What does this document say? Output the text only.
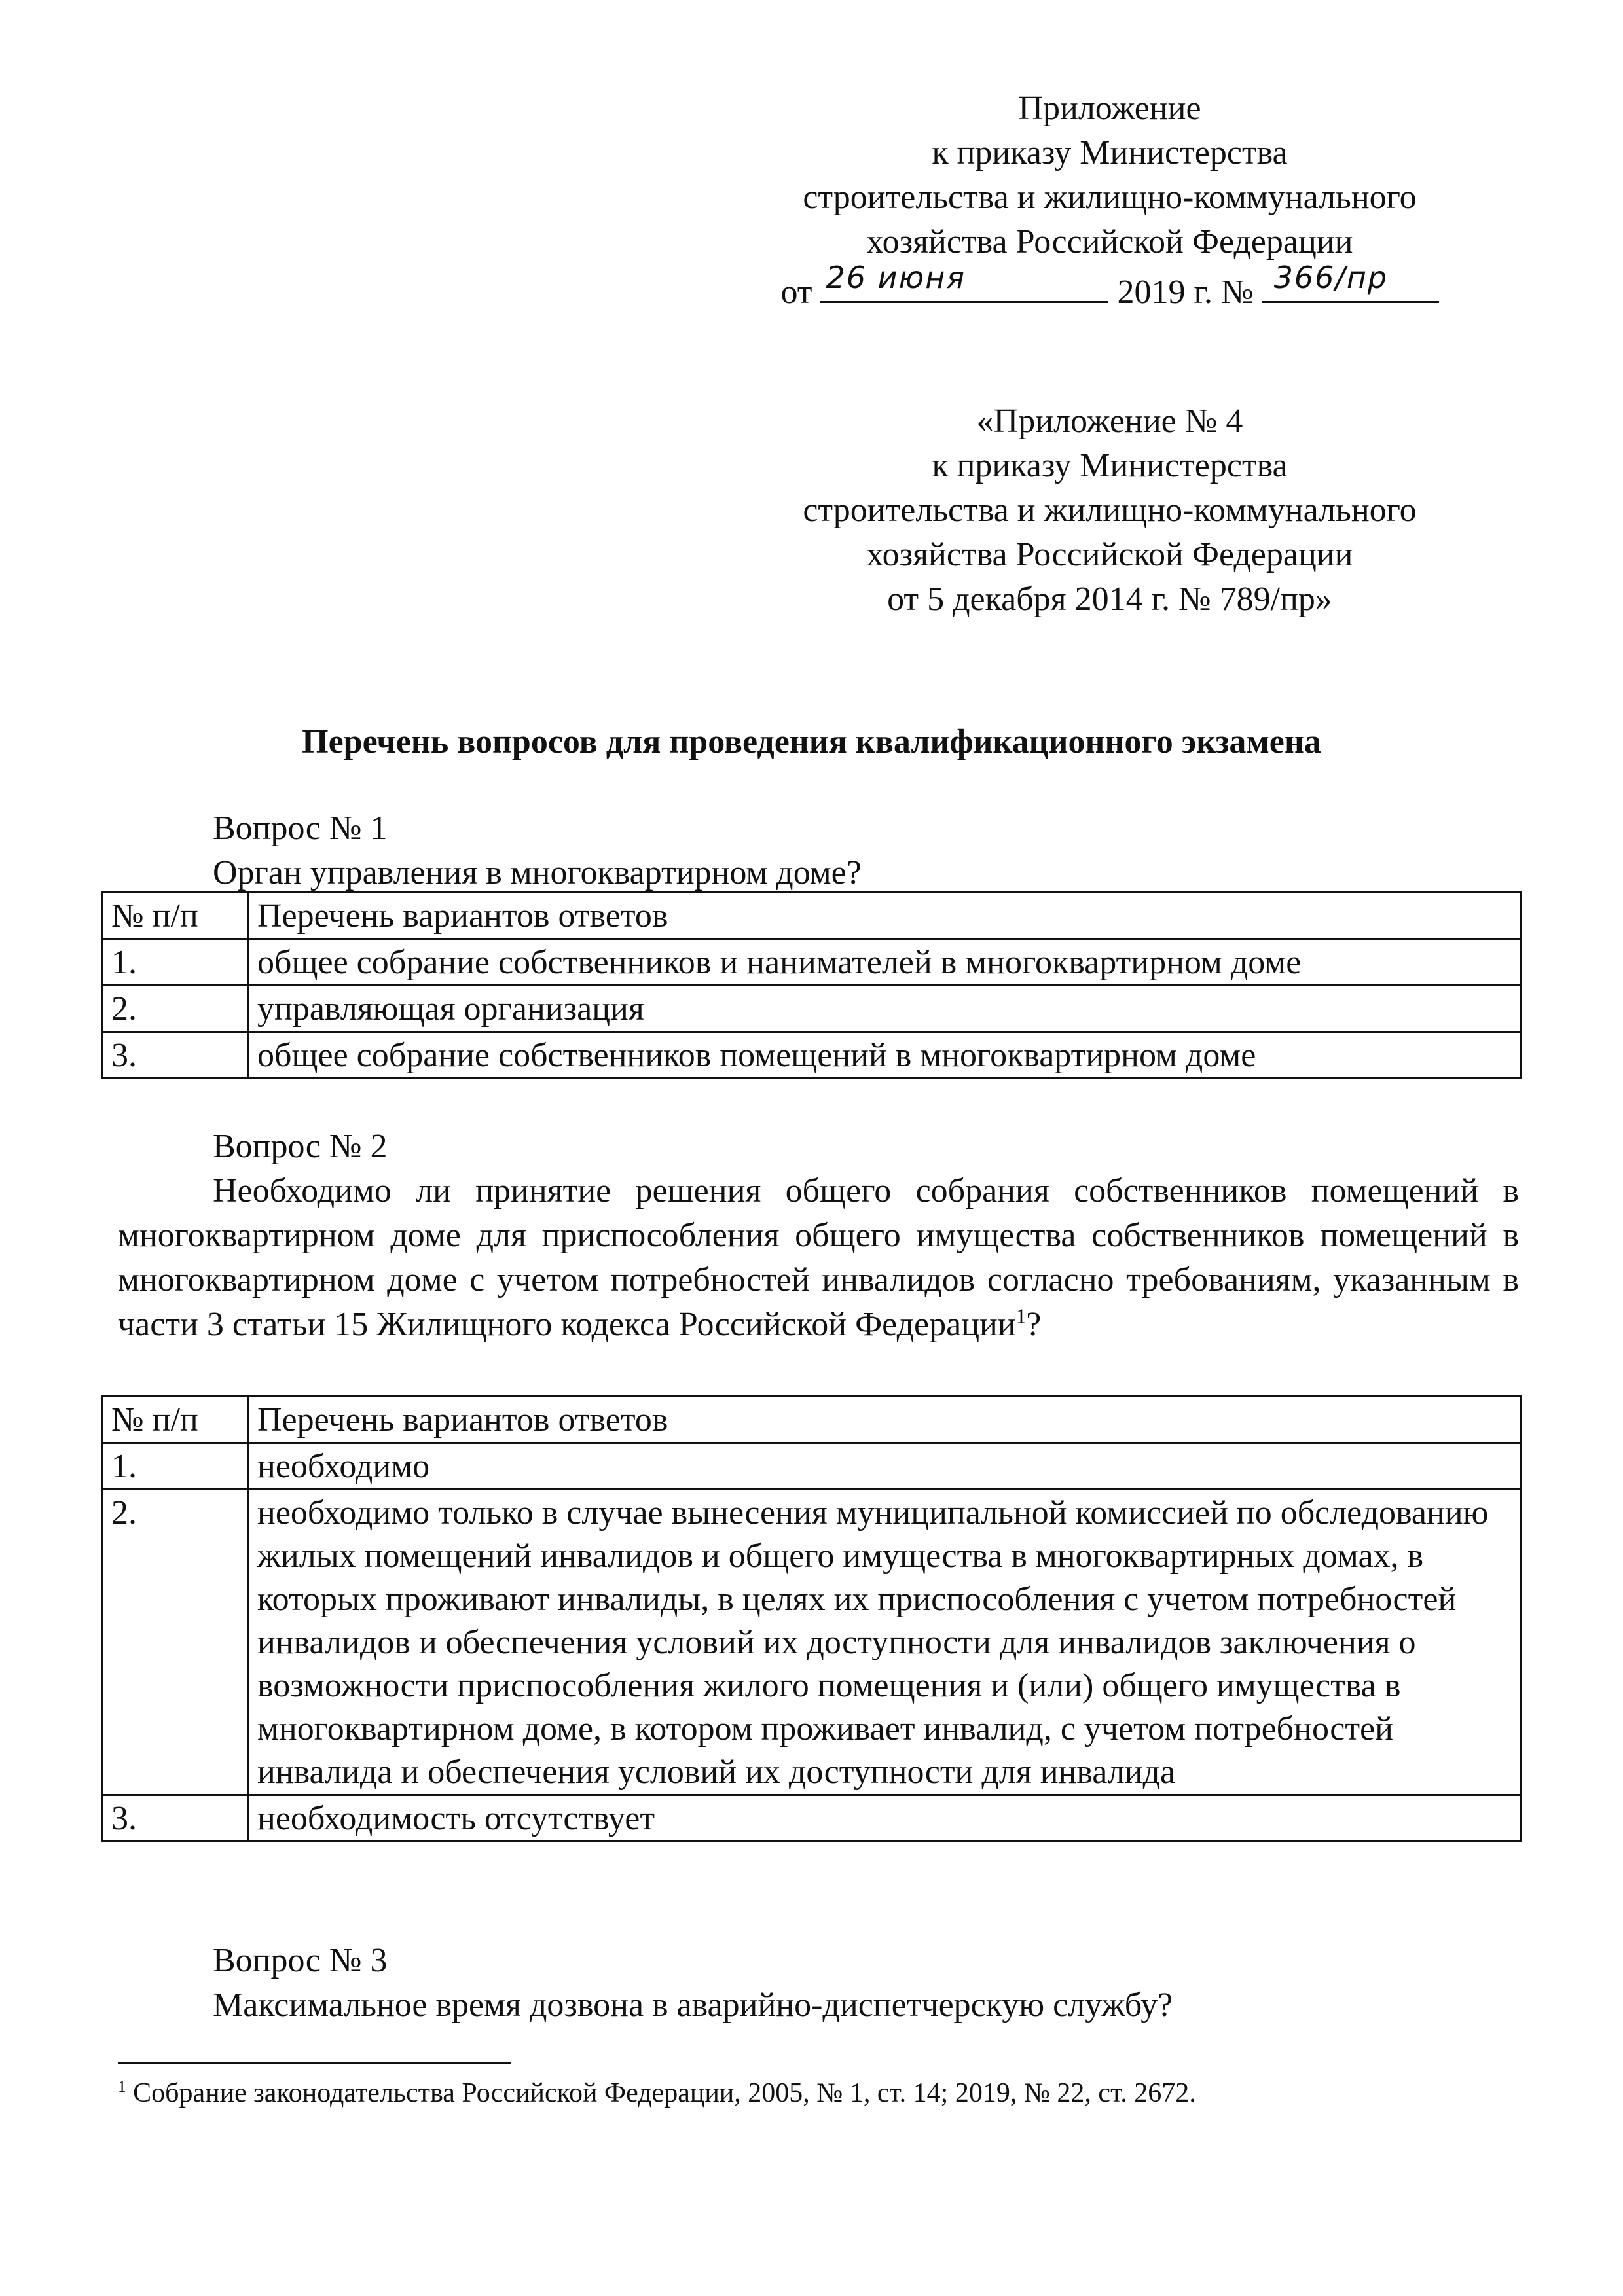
Приложение
к приказу Министерства
строительства и жилищно-коммунального
хозяйства Российской Федерации
от 26 июня	2019 г. № 366/пр
«Приложение № 4
к приказу Министерства
строительства и жилищно-коммунального
хозяйства Российской Федерации
от 5 декабря 2014 г. № 789/пр»
Перечень вопросов для проведения квалификационного экзамена
Вопрос № 1
Орган управления в многоквартирном доме?
№ п/п	Перечень вариантов ответов
1.	общее собрание собственников и нанимателей в многоквартирном доме
2.	управляющая организация
3.	общее собрание собственников помещений в многоквартирном доме
Вопрос № 2
Необходимо ли принятие решения общего собрания собственников помещений в многоквартирном доме для приспособления общего имущества собственников помещений в многоквартирном доме с учетом потребностей инвалидов согласно требованиям, указанным в части 3 статьи 15 Жилищного кодекса Российской Федерации$^1$?
№ п/п	Перечень вариантов ответов
1.	необходимо
2.	необходимо только в случае вынесения муниципальной комиссией по обследованию жилых помещений инвалидов и общего имущества в многоквартирных домах, в которых проживают инвалиды, в целях их приспособления с учетом потребностей инвалидов и обеспечения условий их доступности для инвалидов заключения о возможности приспособления жилого помещения и (или) общего имущества в многоквартирном доме, в котором проживает инвалид, с учетом потребностей инвалида и обеспечения условий их доступности для инвалида
3.	необходимость отсутствует
Вопрос № 3
Максимальное время дозвона в аварийно-диспетчерскую службу?
$^1$ Собрание законодательства Российской Федерации, 2005, № 1, ст. 14; 2019, № 22, ст. 2672.
